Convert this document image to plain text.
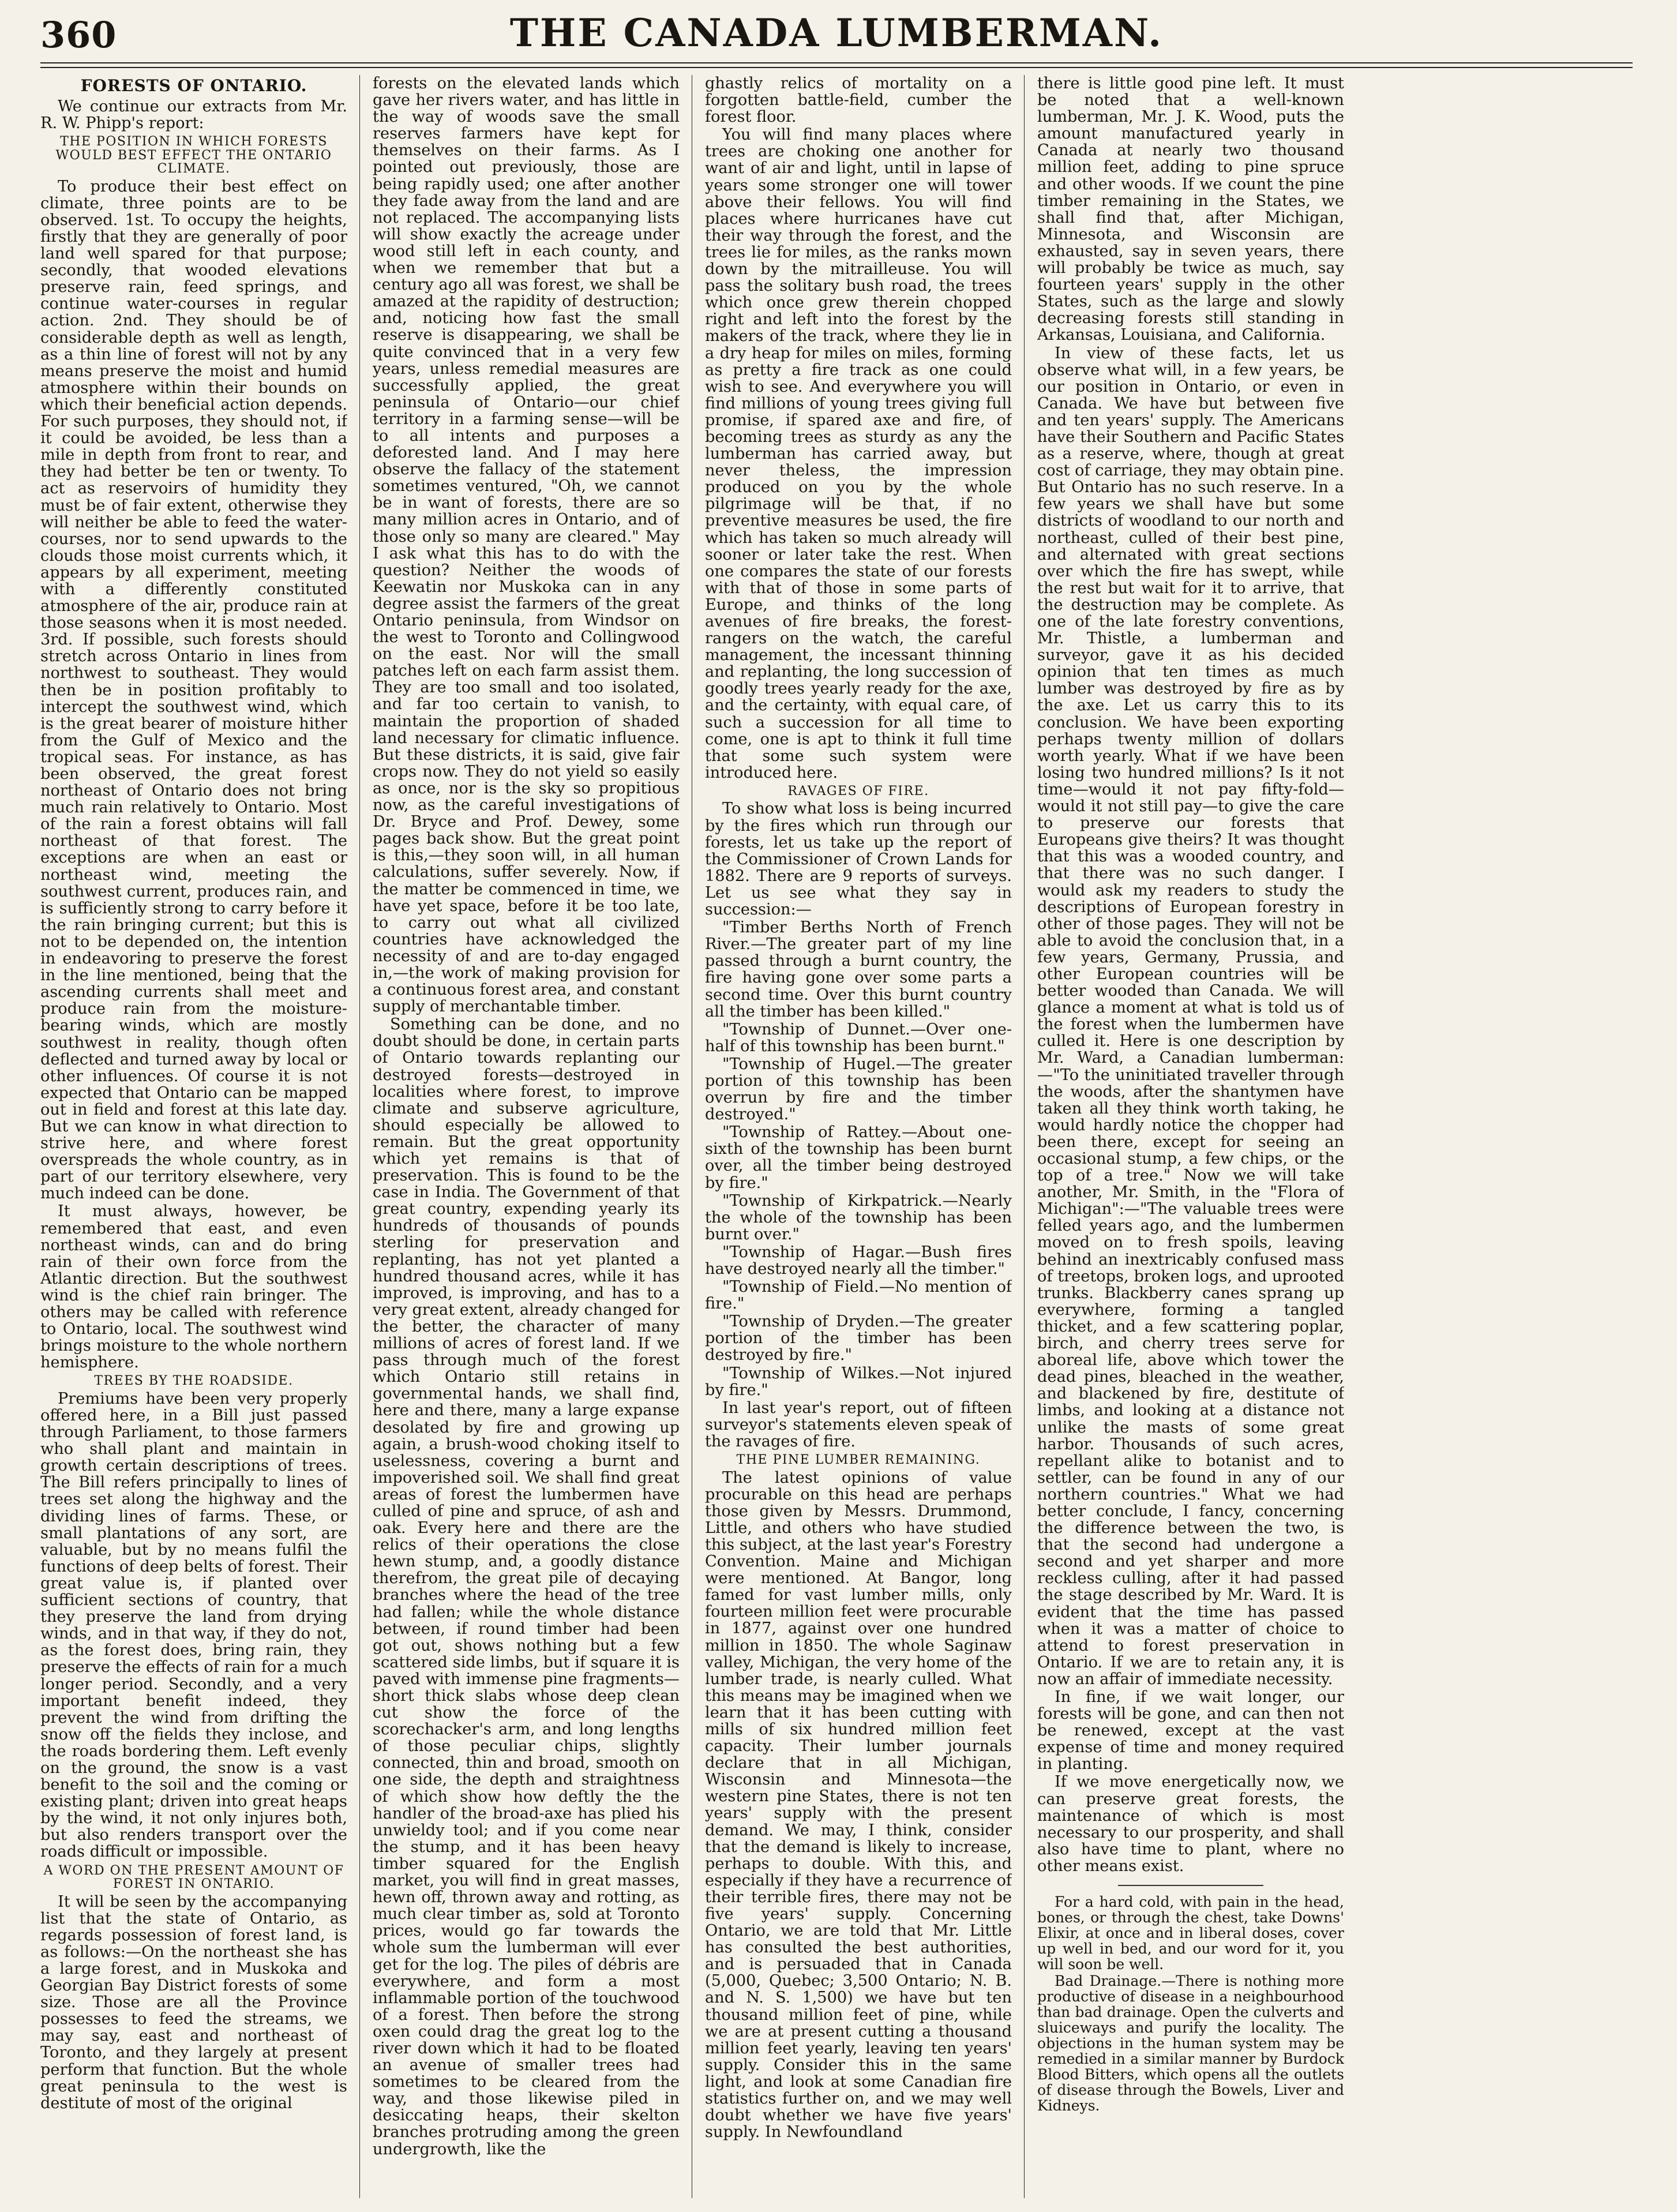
360	THE CANADA LUMBERMAN.
FORESTS OF ONTARIO.

We continue our extracts from Mr. R. W. Phipp's report:

THE POSITION IN WHICH FORESTS WOULD BEST EFFECT THE ONTARIO CLIMATE.

To produce their best effect on climate, three points are to be observed. 1st. To occupy the heights, firstly that they are generally of poor land well spared for that purpose; secondly, that wooded elevations preserve rain, feed springs, and continue water-courses in regular action. 2nd. They should be of considerable depth as well as length, as a thin line of forest will not by any means preserve the moist and humid atmosphere within their bounds on which their beneficial action depends. For such purposes, they should not, if it could be avoided, be less than a mile in depth from front to rear, and they had better be ten or twenty. To act as reservoirs of humidity they must be of fair extent, otherwise they will neither be able to feed the water-courses, nor to send upwards to the clouds those moist currents which, it appears by all experiment, meeting with a differently constituted atmosphere of the air, produce rain at those seasons when it is most needed. 3rd. If possible, such forests should stretch across Ontario in lines from northwest to southeast. They would then be in position profitably to intercept the southwest wind, which is the great bearer of moisture hither from the Gulf of Mexico and the tropical seas. For instance, as has been observed, the great forest northeast of Ontario does not bring much rain relatively to Ontario. Most of the rain a forest obtains will fall northeast of that forest. The exceptions are when an east or northeast wind, meeting the southwest current, produces rain, and is sufficiently strong to carry before it the rain bringing current; but this is not to be depended on, the intention in endeavoring to preserve the forest in the line mentioned, being that the ascending currents shall meet and produce rain from the moisture-bearing winds, which are mostly southwest in reality, though often deflected and turned away by local or other influences. Of course it is not expected that Ontario can be mapped out in field and forest at this late day. But we can know in what direction to strive here, and where forest overspreads the whole country, as in part of our territory elsewhere, very much indeed can be done.

It must always, however, be remembered that east, and even northeast winds, can and do bring rain of their own force from the Atlantic direction. But the southwest wind is the chief rain bringer. The others may be called with reference to Ontario, local. The southwest wind brings moisture to the whole northern hemisphere.

TREES BY THE ROADSIDE.

Premiums have been very properly offered here, in a Bill just passed through Parliament, to those farmers who shall plant and maintain in growth certain descriptions of trees. The Bill refers principally to lines of trees set along the highway and the dividing lines of farms. These, or small plantations of any sort, are valuable, but by no means fulfil the functions of deep belts of forest. Their great value is, if planted over sufficient sections of country, that they preserve the land from drying winds, and in that way, if they do not, as the forest does, bring rain, they preserve the effects of rain for a much longer period. Secondly, and a very important benefit indeed, they prevent the wind from drifting the snow off the fields they inclose, and the roads bordering them. Left evenly on the ground, the snow is a vast benefit to the soil and the coming or existing plant; driven into great heaps by the wind, it not only injures both, but also renders transport over the roads difficult or impossible.

A WORD ON THE PRESENT AMOUNT OF FOREST IN ONTARIO.

It will be seen by the accompanying list that the state of Ontario, as regards possession of forest land, is as follows:—On the northeast she has a large forest, and in Muskoka and Georgian Bay District forests of some size. Those are all the Province possesses to feed the streams, we may say, east and northeast of Toronto, and they largely at present perform that function. But the whole great peninsula to the west is destitute of most of the original

forests on the elevated lands which gave her rivers water, and has little in the way of woods save the small reserves farmers have kept for themselves on their farms. As I pointed out previously, those are being rapidly used; one after another they fade away from the land and are not replaced. The accompanying lists will show exactly the acreage under wood still left in each county, and when we remember that but a century ago all was forest, we shall be amazed at the rapidity of destruction; and, noticing how fast the small reserve is disappearing, we shall be quite convinced that in a very few years, unless remedial measures are successfully applied, the great peninsula of Ontario—our chief territory in a farming sense—will be to all intents and purposes a deforested land. And I may here observe the fallacy of the statement sometimes ventured, "Oh, we cannot be in want of forests, there are so many million acres in Ontario, and of those only so many are cleared." May I ask what this has to do with the question? Neither the woods of Keewatin nor Muskoka can in any degree assist the farmers of the great Ontario peninsula, from Windsor on the west to Toronto and Collingwood on the east. Nor will the small patches left on each farm assist them. They are too small and too isolated, and far too certain to vanish, to maintain the proportion of shaded land necessary for climatic influence. But these districts, it is said, give fair crops now. They do not yield so easily as once, nor is the sky so propitious now, as the careful investigations of Dr. Bryce and Prof. Dewey, some pages back show. But the great point is this,—they soon will, in all human calculations, suffer severely. Now, if the matter be commenced in time, we have yet space, before it be too late, to carry out what all civilized countries have acknowledged the necessity of and are to-day engaged in,—the work of making provision for a continuous forest area, and constant supply of merchantable timber.

Something can be done, and no doubt should be done, in certain parts of Ontario towards replanting our destroyed forests—destroyed in localities where forest, to improve climate and subserve agriculture, should especially be allowed to remain. But the great opportunity which yet remains is that of preservation. This is found to be the case in India. The Government of that great country, expending yearly its hundreds of thousands of pounds sterling for preservation and replanting, has not yet planted a hundred thousand acres, while it has improved, is improving, and has to a very great extent, already changed for the better, the character of many millions of acres of forest land. If we pass through much of the forest which Ontario still retains in governmental hands, we shall find, here and there, many a large expanse desolated by fire and growing up again, a brush-wood choking itself to uselessness, covering a burnt and impoverished soil. We shall find great areas of forest the lumbermen have culled of pine and spruce, of ash and oak. Every here and there are the relics of their operations the close hewn stump, and, a goodly distance therefrom, the great pile of decaying branches where the head of the tree had fallen; while the whole distance between, if round timber had been got out, shows nothing but a few scattered side limbs, but if square it is paved with immense pine fragments—short thick slabs whose deep clean cut show the force of the scorechacker's arm, and long lengths of those peculiar chips, slightly connected, thin and broad, smooth on one side, the depth and straightness of which show how deftly the the handler of the broad-axe has plied his unwieldy tool; and if you come near the stump, and it has been heavy timber squared for the English market, you will find in great masses, hewn off, thrown away and rotting, as much clear timber as, sold at Toronto prices, would go far towards the whole sum the lumberman will ever get for the log. The piles of débris are everywhere, and form a most inflammable portion of the touchwood of a forest. Then before the strong oxen could drag the great log to the river down which it had to be floated an avenue of smaller trees had sometimes to be cleared from the way, and those likewise piled in desiccating heaps, their skelton branches protruding among the green undergrowth, like the

ghastly relics of mortality on a forgotten battle-field, cumber the forest floor.

You will find many places where trees are choking one another for want of air and light, until in lapse of years some stronger one will tower above their fellows. You will find places where hurricanes have cut their way through the forest, and the trees lie for miles, as the ranks mown down by the mitrailleuse. You will pass the solitary bush road, the trees which once grew therein chopped right and left into the forest by the makers of the track, where they lie in a dry heap for miles on miles, forming as pretty a fire track as one could wish to see. And everywhere you will find millions of young trees giving full promise, if spared axe and fire, of becoming trees as sturdy as any the lumberman has carried away, but never theless, the impression produced on you by the whole pilgrimage will be that, if no preventive measures be used, the fire which has taken so much already will sooner or later take the rest. When one compares the state of our forests with that of those in some parts of Europe, and thinks of the long avenues of fire breaks, the forest-rangers on the watch, the careful management, the incessant thinning and replanting, the long succession of goodly trees yearly ready for the axe, and the certainty, with equal care, of such a succession for all time to come, one is apt to think it full time that some such system were introduced here.

RAVAGES OF FIRE.

To show what loss is being incurred by the fires which run through our forests, let us take up the report of the Commissioner of Crown Lands for 1882. There are 9 reports of surveys. Let us see what they say in succession:—

"Timber Berths North of French River.—The greater part of my line passed through a burnt country, the fire having gone over some parts a second time. Over this burnt country all the timber has been killed."

"Township of Dunnet.—Over one-half of this township has been burnt."

"Township of Hugel.—The greater portion of this township has been overrun by fire and the timber destroyed."

"Township of Rattey.—About one-sixth of the township has been burnt over, all the timber being destroyed by fire."

"Township of Kirkpatrick.—Nearly the whole of the township has been burnt over."

"Township of Hagar.—Bush fires have destroyed nearly all the timber."

"Township of Field.—No mention of fire."

"Township of Dryden.—The greater portion of the timber has been destroyed by fire."

"Township of Wilkes.—Not injured by fire."

In last year's report, out of fifteen surveyor's statements eleven speak of the ravages of fire.

THE PINE LUMBER REMAINING.

The latest opinions of value procurable on this head are perhaps those given by Messrs. Drummond, Little, and others who have studied this subject, at the last year's Forestry Convention. Maine and Michigan were mentioned. At Bangor, long famed for vast lumber mills, only fourteen million feet were procurable in 1877, against over one hundred million in 1850. The whole Saginaw valley, Michigan, the very home of the lumber trade, is nearly culled. What this means may be imagined when we learn that it has been cutting with mills of six hundred million feet capacity. Their lumber journals declare that in all Michigan, Wisconsin and Minnesota—the western pine States, there is not ten years' supply with the present demand. We may, I think, consider that the demand is likely to increase, perhaps to double. With this, and especially if they have a recurrence of their terrible fires, there may not be five years' supply. Concerning Ontario, we are told that Mr. Little has consulted the best authorities, and is persuaded that in Canada (5,000, Quebec; 3,500 Ontario; N. B. and N. S. 1,500) we have but ten thousand million feet of pine, while we are at present cutting a thousand million feet yearly, leaving ten years' supply. Consider this in the same light, and look at some Canadian fire statistics further on, and we may well doubt whether we have five years' supply. In Newfoundland

there is little good pine left. It must be noted that a well-known lumberman, Mr. J. K. Wood, puts the amount manufactured yearly in Canada at nearly two thousand million feet, adding to pine spruce and other woods. If we count the pine timber remaining in the States, we shall find that, after Michigan, Minnesota, and Wisconsin are exhausted, say in seven years, there will probably be twice as much, say fourteen years' supply in the other States, such as the large and slowly decreasing forests still standing in Arkansas, Louisiana, and California.

In view of these facts, let us observe what will, in a few years, be our position in Ontario, or even in Canada. We have but between five and ten years' supply. The Americans have their Southern and Pacific States as a reserve, where, though at great cost of carriage, they may obtain pine. But Ontario has no such reserve. In a few years we shall have but some districts of woodland to our north and northeast, culled of their best pine, and alternated with great sections over which the fire has swept, while the rest but wait for it to arrive, that the destruction may be complete. As one of the late forestry conventions, Mr. Thistle, a lumberman and surveyor, gave it as his decided opinion that ten times as much lumber was destroyed by fire as by the axe. Let us carry this to its conclusion. We have been exporting perhaps twenty million of dollars worth yearly. What if we have been losing two hundred millions? Is it not time—would it not pay fifty-fold—would it not still pay—to give the care to preserve our forests that Europeans give theirs? It was thought that this was a wooded country, and that there was no such danger. I would ask my readers to study the descriptions of European forestry in other of those pages. They will not be able to avoid the conclusion that, in a few years, Germany, Prussia, and other European countries will be better wooded than Canada. We will glance a moment at what is told us of the forest when the lumbermen have culled it. Here is one description by Mr. Ward, a Canadian lumberman:—"To the uninitiated traveller through the woods, after the shantymen have taken all they think worth taking, he would hardly notice the chopper had been there, except for seeing an occasional stump, a few chips, or the top of a tree." Now we will take another, Mr. Smith, in the "Flora of Michigan":—"The valuable trees were felled years ago, and the lumbermen moved on to fresh spoils, leaving behind an inextricably confused mass of treetops, broken logs, and uprooted trunks. Blackberry canes sprang up everywhere, forming a tangled thicket, and a few scattering poplar, birch, and cherry trees serve for aboreal life, above which tower the dead pines, bleached in the weather, and blackened by fire, destitute of limbs, and looking at a distance not unlike the masts of some great harbor. Thousands of such acres, repellant alike to botanist and to settler, can be found in any of our northern countries." What we had better conclude, I fancy, concerning the difference between the two, is that the second had undergone a second and yet sharper and more reckless culling, after it had passed the stage described by Mr. Ward. It is evident that the time has passed when it was a matter of choice to attend to forest preservation in Ontario. If we are to retain any, it is now an affair of immediate necessity.

In fine, if we wait longer, our forests will be gone, and can then not be renewed, except at the vast expense of time and money required in planting.

If we move energetically now, we can preserve great forests, the maintenance of which is most necessary to our prosperity, and shall also have time to plant, where no other means exist.

For a hard cold, with pain in the head, bones, or through the chest, take Downs' Elixir, at once and in liberal doses, cover up well in bed, and our word for it, you will soon be well.

Bad Drainage.—There is nothing more productive of disease in a neighbourhood than bad drainage. Open the culverts and sluiceways and purify the locality. The objections in the human system may be remedied in a similar manner by Burdock Blood Bitters, which opens all the outlets of disease through the Bowels, Liver and Kidneys.
